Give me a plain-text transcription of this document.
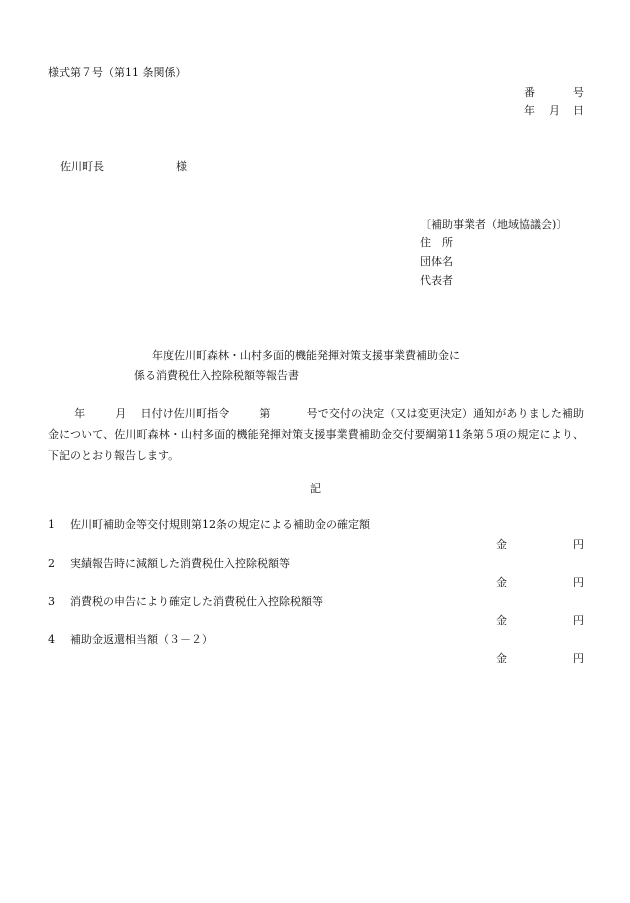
様式第７号（第11 条関係）
番	号
年 月 日
佐川町長	様
〔補助事業者（地域協議会)〕
住　所
団体名
代表者
年度佐川町森林・山村多面的機能発揮対策支援事業費補助金に
係る消費税仕入控除税額等報告書
年	月 日付け佐川町指令	第	号で交付の決定（又は変更決定）通知がありました補助金について、佐川町森林・山村多面的機能発揮対策支援事業費補助金交付要綱第11条第５項の規定により、下記のとおり報告します。
記
1 佐川町補助金等交付規則第12条の規定による補助金の確定額
金	円
2 実績報告時に減額した消費税仕入控除税額等
金	円
3 消費税の申告により確定した消費税仕入控除税額等
金	円
4 補助金返還相当額（３－２）
金	円
